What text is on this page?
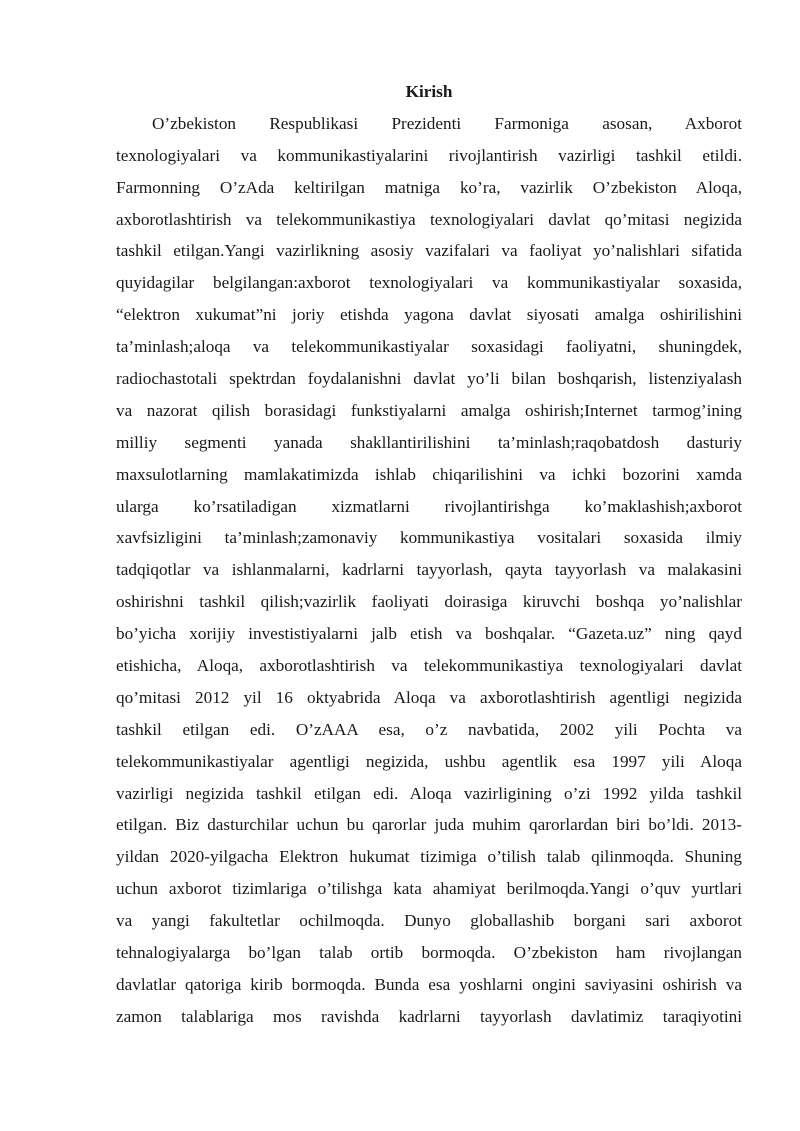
Kirish
O’zbekiston Respublikasi Prezidenti Farmoniga asosan, Axborot
texnologiyalari va kommunikastiyalarini rivojlantirish vazirligi tashkil etildi.
Farmonning O’zAda keltirilgan matniga ko’ra, vazirlik O’zbekiston Aloqa,
axborotlashtirish va telekommunikastiya texnologiyalari davlat qo’mitasi negizida
tashkil etilgan.Yangi vazirlikning asosiy vazifalari va faoliyat yo’nalishlari sifatida
quyidagilar belgilangan:axborot texnologiyalari va kommunikastiyalar soxasida,
“elektron xukumat”ni joriy etishda yagona davlat siyosati amalga oshirilishini
ta’minlash;aloqa va telekommunikastiyalar soxasidagi faoliyatni, shuningdek,
radiochastotali spektrdan foydalanishni davlat yo’li bilan boshqarish, listenziyalash
va nazorat qilish borasidagi funkstiyalarni amalga oshirish;Internet tarmog’ining
milliy segmenti yanada shakllantirilishini ta’minlash;raqobatdosh dasturiy
maxsulotlarning mamlakatimizda ishlab chiqarilishini va ichki bozorini xamda
ularga ko’rsatiladigan xizmatlarni rivojlantirishga ko’maklashish;axborot
xavfsizligini ta’minlash;zamonaviy kommunikastiya vositalari soxasida ilmiy
tadqiqotlar va ishlanmalarni, kadrlarni tayyorlash, qayta tayyorlash va malakasini
oshirishni tashkil qilish;vazirlik faoliyati doirasiga kiruvchi boshqa yo’nalishlar
bo’yicha xorijiy investistiyalarni jalb etish va boshqalar. “Gazeta.uz” ning qayd
etishicha, Aloqa, axborotlashtirish va telekommunikastiya texnologiyalari davlat
qo’mitasi 2012 yil 16 oktyabrida Aloqa va axborotlashtirish agentligi negizida
tashkil etilgan edi. O’zAAA esa, o’z navbatida, 2002 yili Pochta va
telekommunikastiyalar agentligi negizida, ushbu agentlik esa 1997 yili Aloqa
vazirligi negizida tashkil etilgan edi. Aloqa vazirligining o’zi 1992 yilda tashkil
etilgan. Biz dasturchilar uchun bu qarorlar juda muhim qarorlardan biri bo’ldi. 2013-
yildan 2020-yilgacha Elektron hukumat tizimiga o’tilish talab qilinmoqda. Shuning
uchun axborot tizimlariga o’tilishga kata ahamiyat berilmoqda.Yangi o’quv yurtlari
va yangi fakultetlar ochilmoqda. Dunyo globallashib borgani sari axborot
tehnalogiyalarga bo’lgan talab ortib bormoqda. O’zbekiston ham rivojlangan
davlatlar qatoriga kirib bormoqda. Bunda esa yoshlarni ongini saviyasini oshirish va
zamon talablariga mos ravishda kadrlarni tayyorlash davlatimiz taraqiyotini
